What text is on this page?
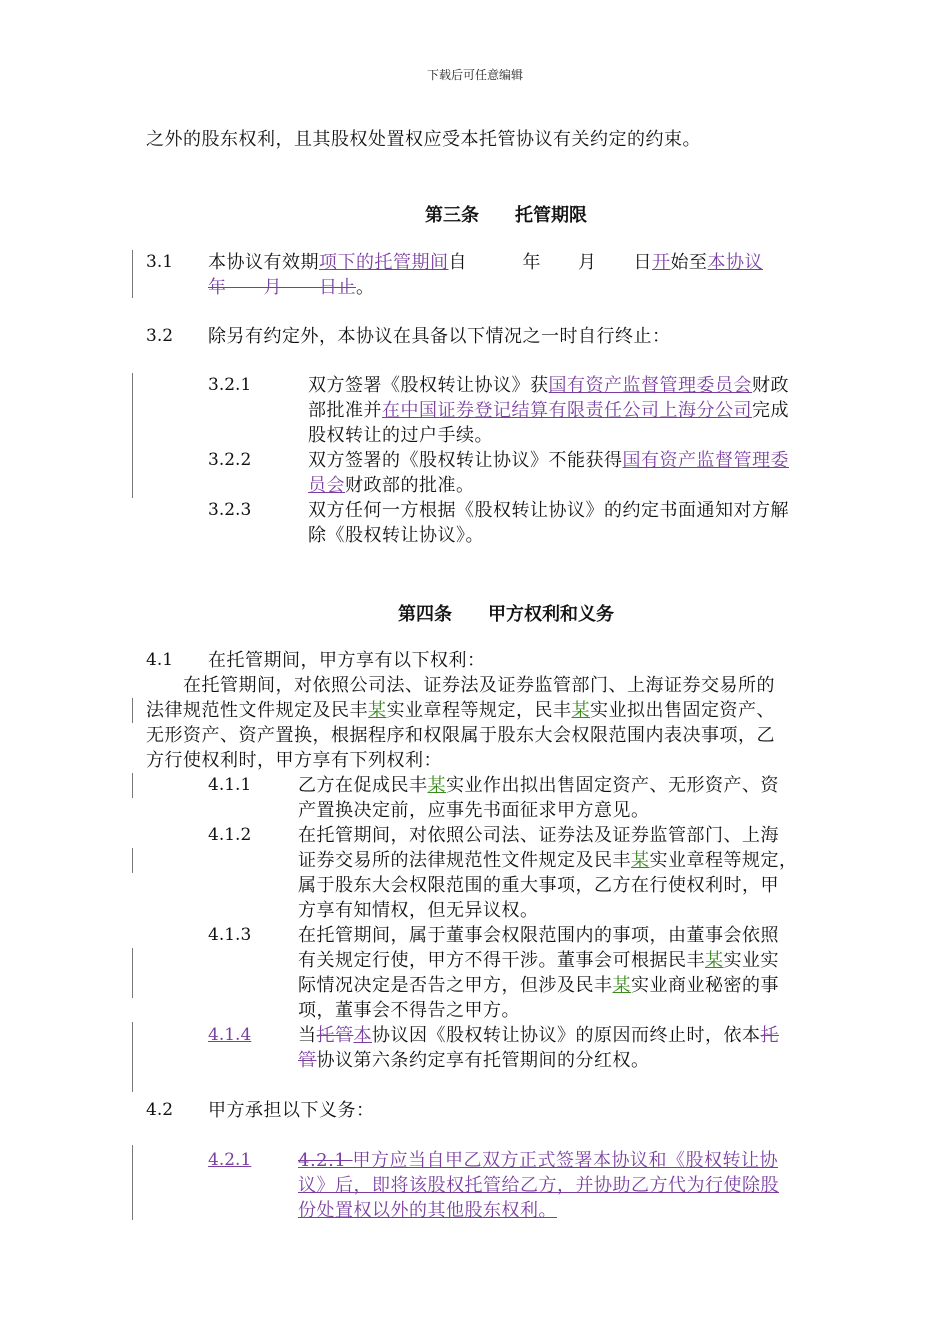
下载后可任意编辑
之外的股东权利，且其股权处置权应受本托管协议有关约定的约束。
第三条　　托管期限
3.1 本协议有效期项下的托管期间自　　　年　　月　　日开始至本协议
年　　月　　日止。
3.2 除另有约定外，本协议在具备以下情况之一时自行终止：
3.2.1	双方签署《股权转让协议》获国有资产监督管理委员会财政
部批准并在中国证券登记结算有限责任公司上海分公司完成
股权转让的过户手续。
3.2.2	双方签署的《股权转让协议》不能获得国有资产监督管理委
员会财政部的批准。
3.2.3	双方任何一方根据《股权转让协议》的约定书面通知对方解
除《股权转让协议》。
第四条　　甲方权利和义务
4.1 在托管期间，甲方享有以下权利：
在托管期间，对依照公司法、证券法及证券监管部门、上海证券交易所的
法律规范性文件规定及民丰某实业章程等规定，民丰某实业拟出售固定资产、
无形资产、资产置换，根据程序和权限属于股东大会权限范围内表决事项，乙
方行使权利时，甲方享有下列权利：
4.1.1	乙方在促成民丰某实业作出拟出售固定资产、无形资产、资
产置换决定前，应事先书面征求甲方意见。
4.1.2	在托管期间，对依照公司法、证券法及证券监管部门、上海
证券交易所的法律规范性文件规定及民丰某实业章程等规定，
属于股东大会权限范围的重大事项，乙方在行使权利时，甲
方享有知情权，但无异议权。
4.1.3	在托管期间，属于董事会权限范围内的事项，由董事会依照
有关规定行使，甲方不得干涉。董事会可根据民丰某实业实
际情况决定是否告之甲方，但涉及民丰某实业商业秘密的事
项，董事会不得告之甲方。
4.1.4	当托管本协议因《股权转让协议》的原因而终止时，依本托
管协议第六条约定享有托管期间的分红权。
4.2 甲方承担以下义务：
4.2.1	4.2.1 甲方应当自甲乙双方正式签署本协议和《股权转让协
议》后，即将该股权托管给乙方，并协助乙方代为行使除股
份处置权以外的其他股东权利。
